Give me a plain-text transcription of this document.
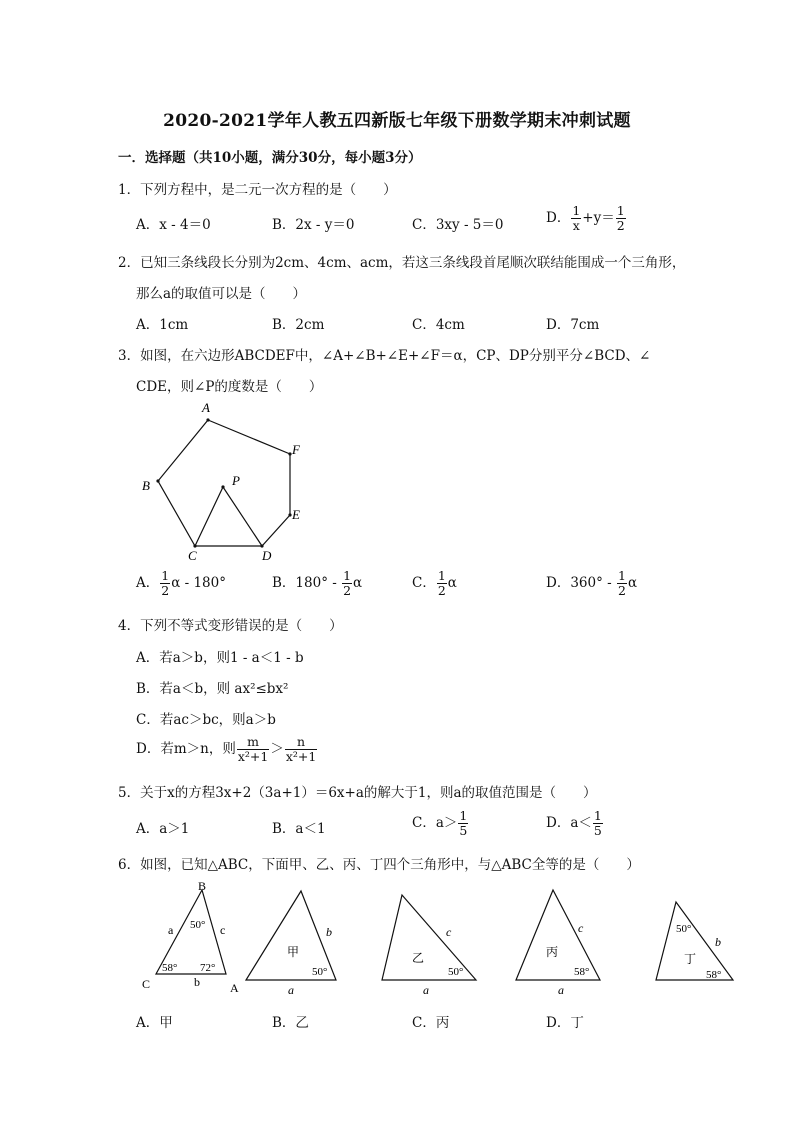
2020-2021学年人教五四新版七年级下册数学期末冲刺试题
一．选择题（共10小题，满分30分，每小题3分）
1．下列方程中，是二元一次方程的是（　　）
A．x - 4＝0	B．2x - y＝0	C．3xy - 5＝0	D． $\frac{1}{x} +y= \frac{1}{2}$
2．已知三条线段长分别为2cm、4cm、acm，若这三条线段首尾顺次联结能围成一个三角形，
那么a的取值可以是（　　）
A．1cm	B．2cm	C．4cm	D．7cm
3．如图，在六边形ABCDEF中，∠A+∠B+∠E+∠F＝α，CP、DP分别平分∠BCD、∠
CDE，则∠P的度数是（　　）
A
F
E
D
C
B	P
A． $\frac{1}{2}$ α - 180°	B．$180^\circ - \frac{1}{2}$ α	C． $\frac{1}{2}$ α	D．$360^\circ - \frac{1}{2}$ α
4．下列不等式变形错误的是（　　）
A．若a＞b，则1 - a＜1 - b
B．若a＜b，则 ax²≤bx²
C．若ac＞bc，则a＞b
D．若m＞n，则 $\frac{m}{\text{x²+1}} > \frac{n}{\text{x²+1}}$
5．关于x的方程3x+2（3a+1）＝6x+a的解大于1，则a的取值范围是（　　）
A．a＞1	B．a＜1	C．$a> \frac{1}{5}$	D．$a< \frac{1}{5}$
6．如图，已知△ABC，下面甲、乙、丙、丁四个三角形中，与△ABC全等的是（　　）
B
C	A
a	c
b
50°
58° 72°
甲
b
50°
a
乙
c
50°
a
丙
c
58°
a
丁
b
50°
58°
A．甲	B．乙	C．丙	D．丁
